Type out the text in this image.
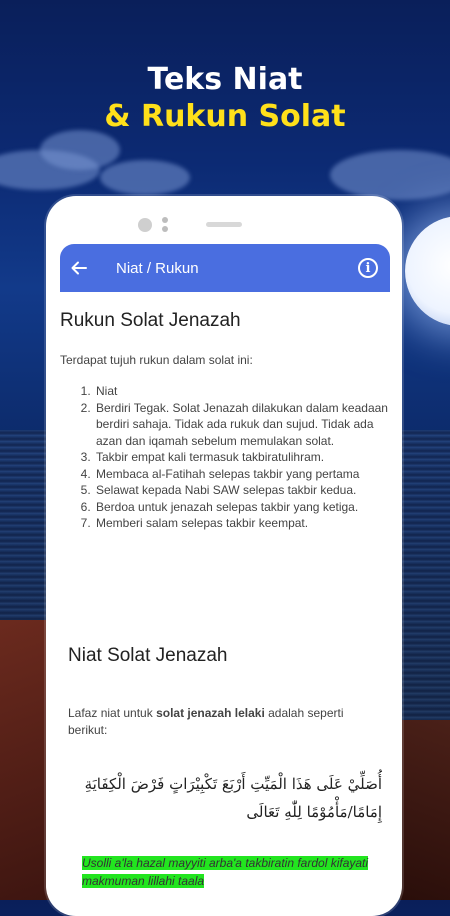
Teks Niat
& Rukun Solat
Niat / Rukun	i
Rukun Solat Jenazah
Terdapat tujuh rukun dalam solat ini:
1. Niat
2. Berdiri Tegak. Solat Jenazah dilakukan dalam keadaan berdiri sahaja. Tidak ada rukuk dan sujud. Tidak ada azan dan iqamah sebelum memulakan solat.
3. Takbir empat kali termasuk takbiratulihram.
4. Membaca al-Fatihah selepas takbir yang pertama
5. Selawat kepada Nabi SAW selepas takbir kedua.
6. Berdoa untuk jenazah selepas takbir yang ketiga.
7. Memberi salam selepas takbir keempat.
Niat Solat Jenazah
Lafaz niat untuk solat jenazah lelaki adalah seperti berikut:
أُصَلِّيْ عَلَى هَذَا الْمَيِّتِ أَرْبَعَ تَكْبِيْرَاتٍ فَرْضَ الْكِفَايَةِ إِمَامًا/مَأْمُوْمًا لِلّٰهِ تَعَالَى
Usolli a'la hazal mayyiti arba'a takbiratin fardol kifayati makmuman lillahi taala
